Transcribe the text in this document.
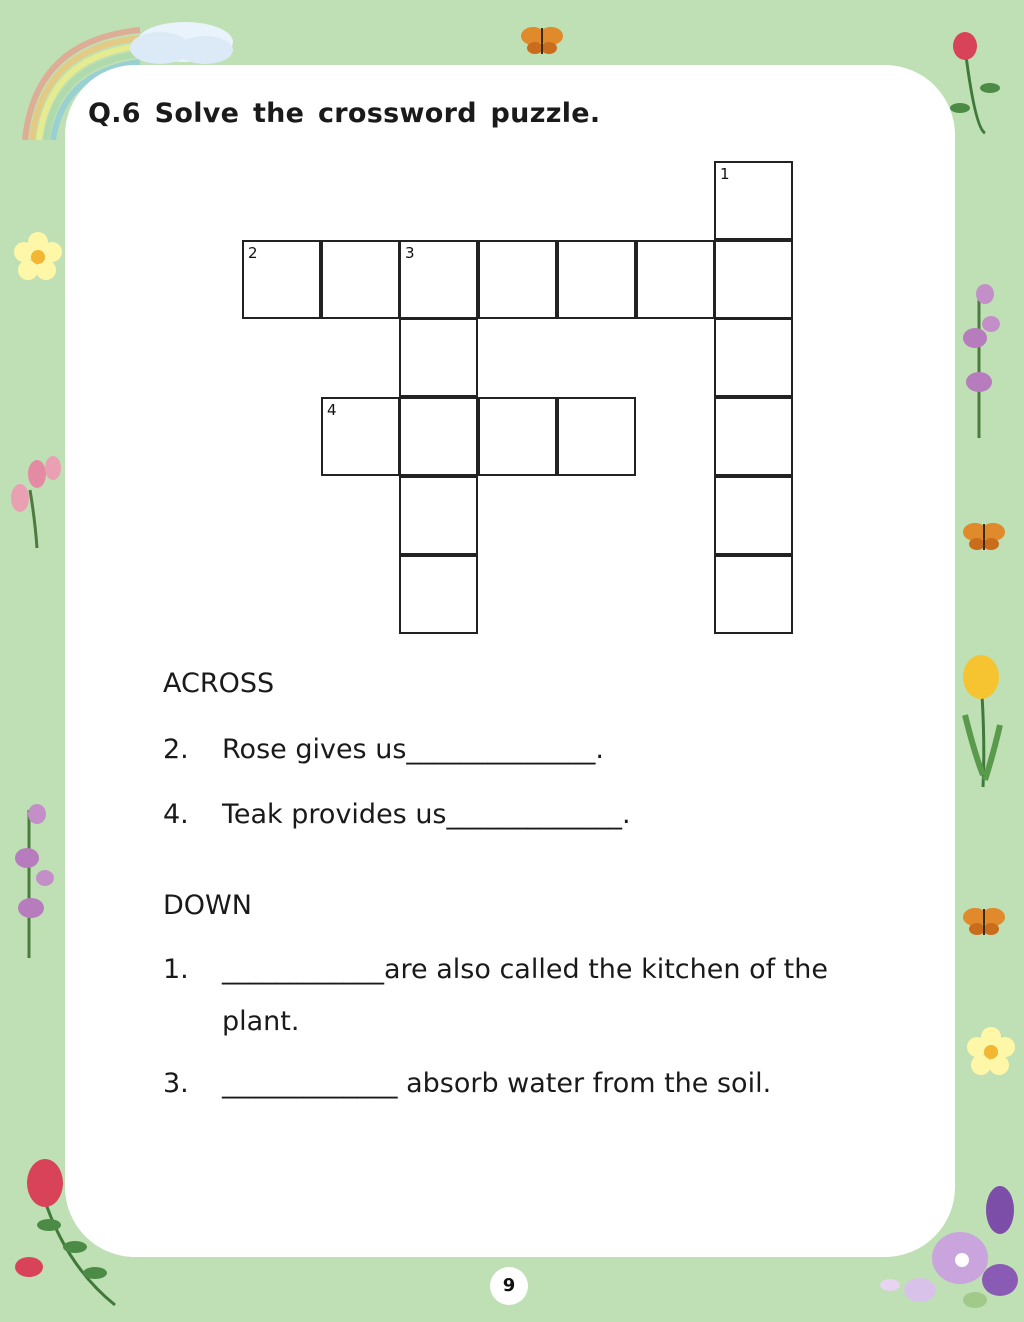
Q.6 Solve the crossword puzzle.
1
2	3
4
ACROSS
2. Rose gives us______________.
4. Teak provides us_____________.
DOWN
1. ____________are also called the kitchen of the
plant.
3. _____________ absorb water from the soil.
9
